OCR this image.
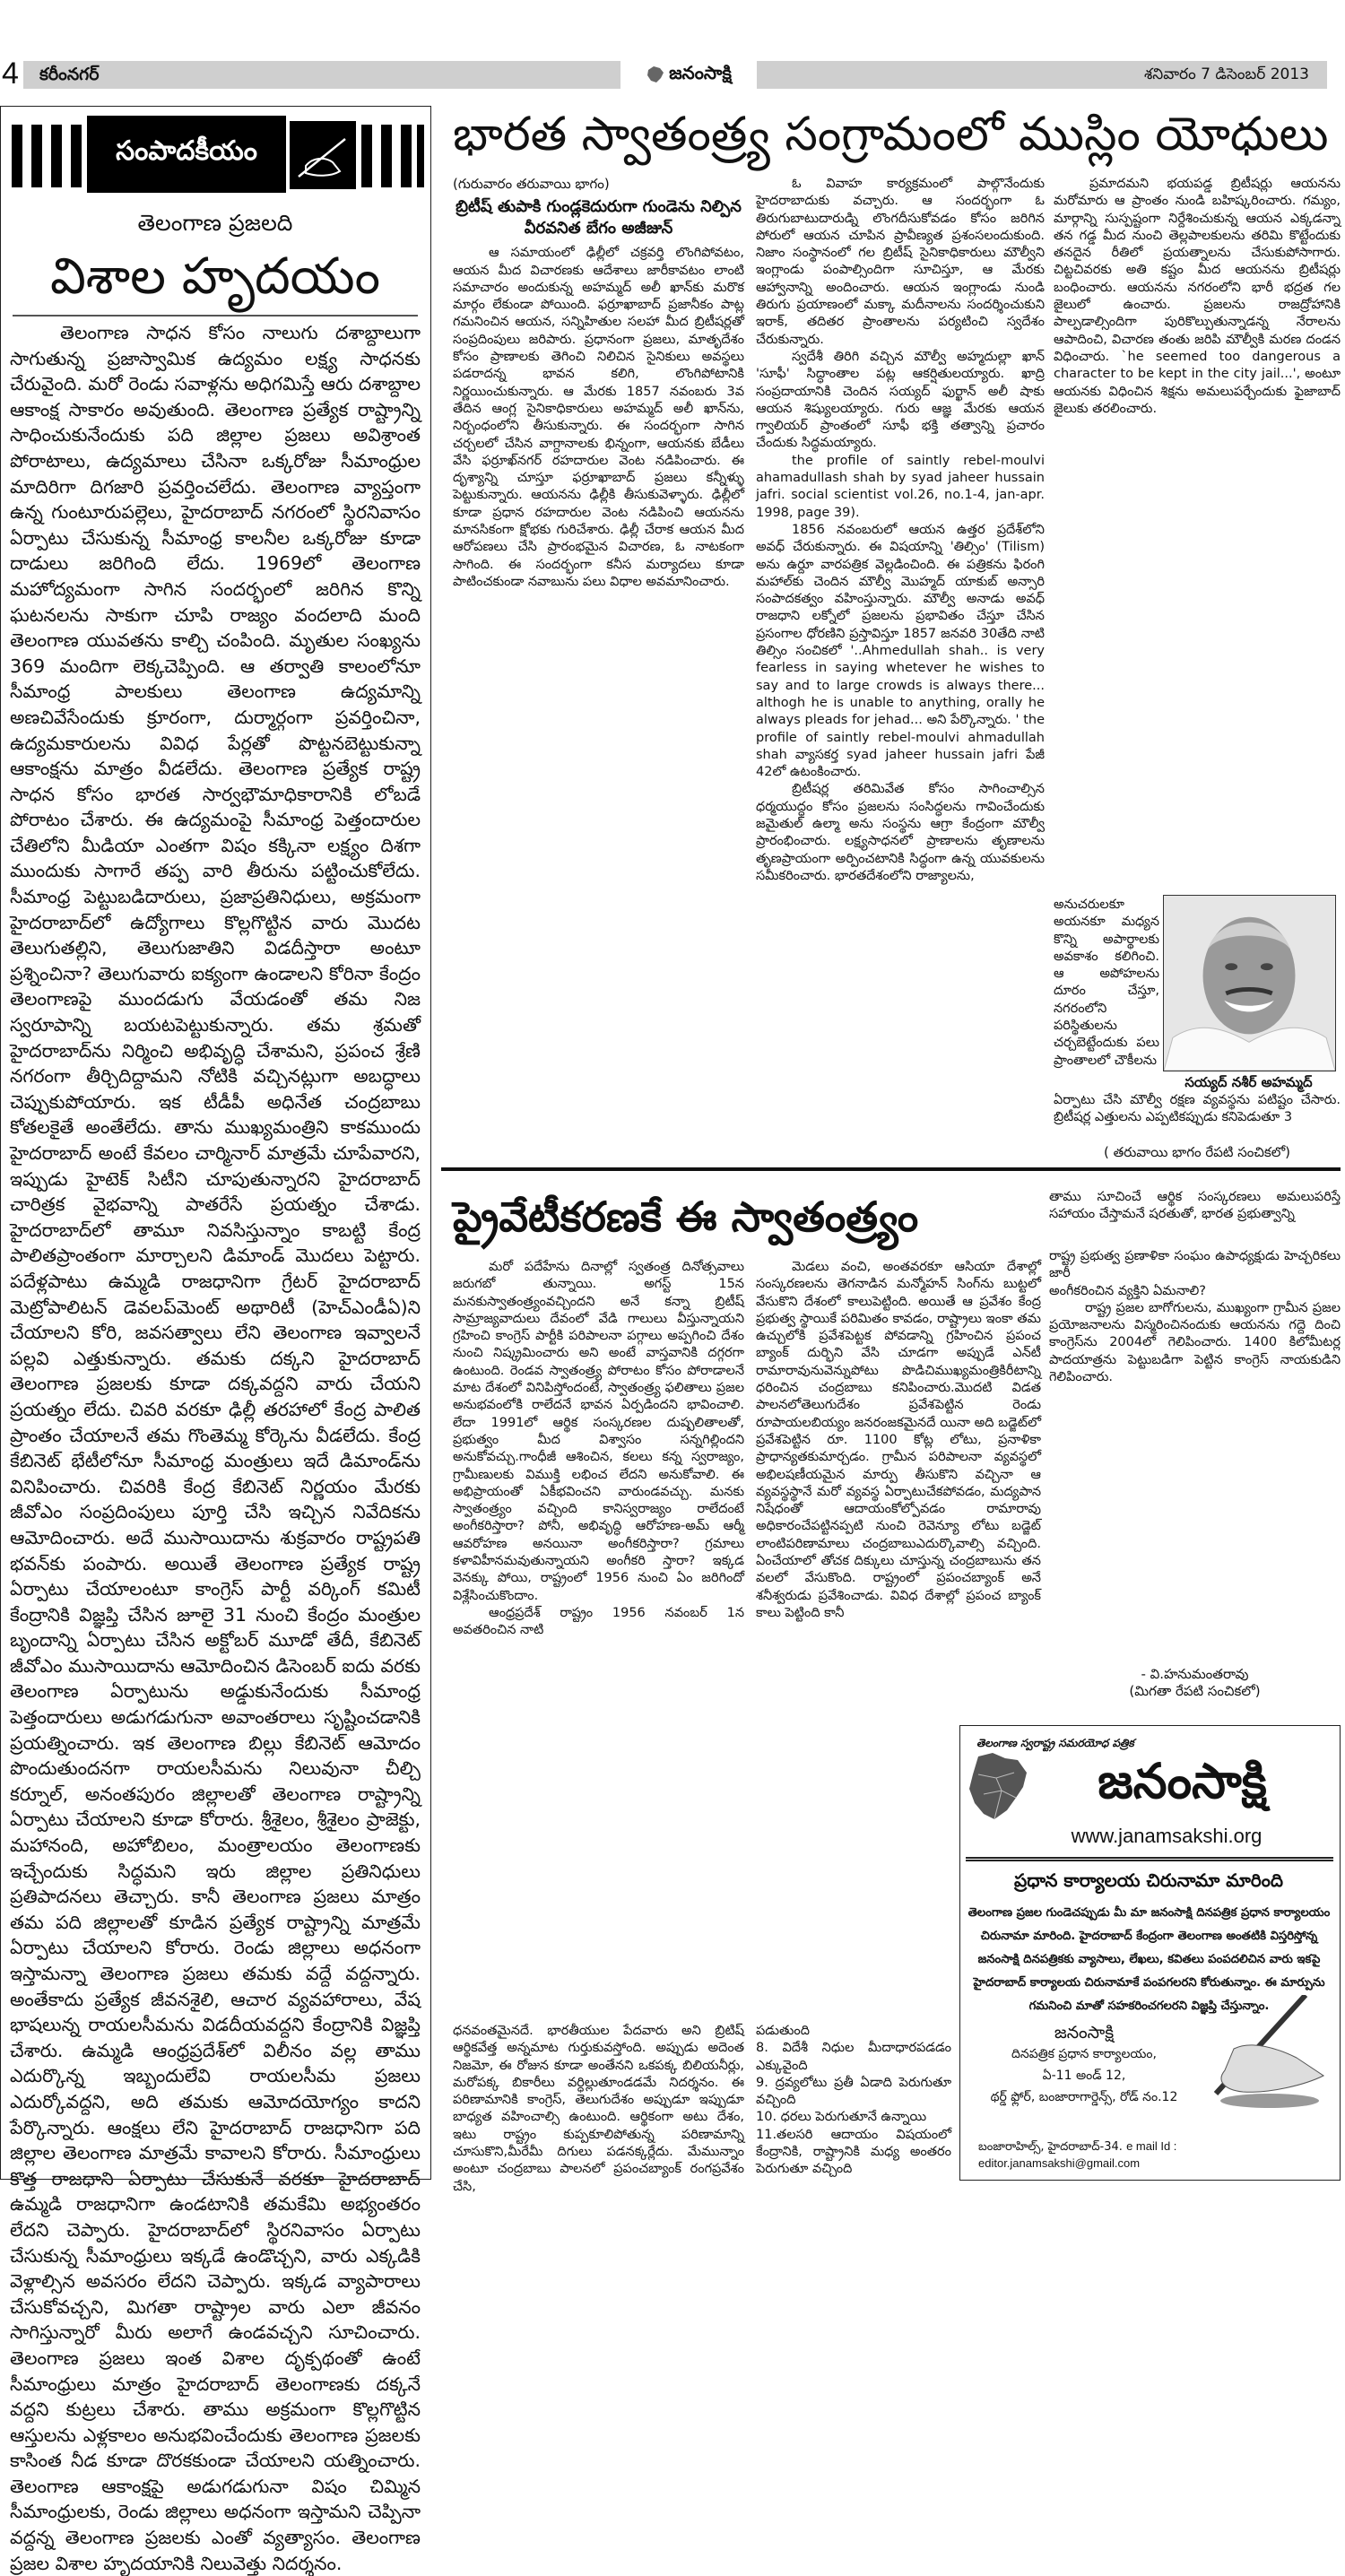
4 కరీంనగర్	జనంసాక్షి	శనివారం 7 డిసెంబర్ 2013
సంపాదకీయం
తెలంగాణ ప్రజలది
విశాల హృదయం

తెలంగాణ సాధన కోసం నాలుగు దశాబ్దాలుగా సాగుతున్న ప్రజాస్వామిక ఉద్యమం లక్ష్య సాధనకు చేరువైంది. మరో రెండు సవాళ్లను అధిగమిస్తే ఆరు దశాబ్దాల ఆకాంక్ష సాకారం అవుతుంది. తెలంగాణ ప్రత్యేక రాష్ట్రాన్ని సాధించుకునేందుకు పది జిల్లాల ప్రజలు అవిశ్రాంత పోరాటాలు, ఉద్యమాలు చేసినా ఒక్కరోజు సీమాంధ్రుల మాదిరిగా దిగజారి ప్రవర్తించలేదు. తెలంగాణ వ్యాప్తంగా ఉన్న గుంటూరుపల్లెలు, హైదరాబాద్ నగరంలో స్థిరనివాసం ఏర్పాటు చేసుకున్న సీమాంధ్ర కాలనీల ఒక్కరోజు కూడా దాడులు జరిగింది లేదు. 1969లో తెలంగాణ మహోద్యమంగా సాగిన సందర్భంలో జరిగిన కొన్ని ఘటనలను సాకుగా చూపి రాజ్యం వందలాది మంది తెలంగాణ యువతను కాల్చి చంపింది. మృతుల సంఖ్యను 369 మందిగా లెక్కచెప్పింది. ఆ తర్వాతి కాలంలోనూ సీమాంధ్ర పాలకులు తెలంగాణ ఉద్యమాన్ని అణచివేసేందుకు క్రూరంగా, దుర్మార్గంగా ప్రవర్తించినా, ఉద్యమకారులను వివిధ పేర్లతో పొట్టనబెట్టుకున్నా ఆకాంక్షను మాత్రం వీడలేదు. తెలంగాణ ప్రత్యేక రాష్ట్ర సాధన కోసం భారత సార్వభౌమాధికారానికి లోబడే పోరాటం చేశారు. ఈ ఉద్యమంపై సీమాంధ్ర పెత్తందారుల చేతిలోని మీడియా ఎంతగా విషం కక్కినా లక్ష్యం దిశగా ముందుకు సాగారే తప్ప వారి తీరును పట్టించుకోలేదు. సీమాంధ్ర పెట్టుబడిదారులు, ప్రజాప్రతినిధులు, అక్రమంగా హైదరాబాద్‌లో ఉద్యోగాలు కొల్లగొట్టిన వారు మొదట తెలుగుతల్లిని, తెలుగుజాతిని విడదీస్తారా అంటూ ప్రశ్నించినా? తెలుగువారు ఐక్యంగా ఉండాలని కోరినా కేంద్రం తెలంగాణపై ముందడుగు వేయడంతో తమ నిజ స్వరూపాన్ని బయటపెట్టుకున్నారు. తమ శ్రమతో హైదరాబాద్‌ను నిర్మించి అభివృద్ధి చేశామని, ప్రపంచ శ్రేణి నగరంగా తీర్చిదిద్దామని నోటికి వచ్చినట్లుగా అబద్ధాలు చెప్పుకుపోయారు. ఇక టీడీపీ అధినేత చంద్రబాబు కోతలకైతే అంతేలేదు. తాను ముఖ్యమంత్రిని కాకముందు హైదరాబాద్ అంటే కేవలం చార్మినార్ మాత్రమే చూపేవారని, ఇప్పుడు హైటెక్ సిటీని చూపుతున్నారని హైదరాబాద్ చారిత్రక వైభవాన్ని పాతరేసే ప్రయత్నం చేశాడు. హైదరాబాద్‌లో తామూ నివసిస్తున్నాం కాబట్టి కేంద్ర పాలితప్రాంతంగా మార్చాలని డిమాండ్ మొదలు పెట్టారు. పదేళ్లపాటు ఉమ్మడి రాజధానిగా గ్రేటర్ హైదరాబాద్ మెట్రోపాలిటన్ డెవలప్‌మెంట్ అథారిటీ (హెచ్‌ఎండీఏ)ని చేయాలని కోరి, జవసత్వాలు లేని తెలంగాణ ఇవ్వాలనే పల్లవి ఎత్తుకున్నారు. తమకు దక్కని హైదరాబాద్ తెలంగాణ ప్రజలకు కూడా దక్కవద్దని వారు చేయని ప్రయత్నం లేదు. చివరి వరకూ ఢిల్లీ తరహాలో కేంద్ర పాలిత ప్రాంతం చేయాలనే తమ గొంతెమ్మ కోర్కెను వీడలేదు. కేంద్ర కేబినెట్ భేటీలోనూ సీమాంధ్ర మంత్రులు ఇదే డిమాండ్‌ను వినిపించారు. చివరికి కేంద్ర కేబినెట్ నిర్ణయం మేరకు జీవోఎం సంప్రదింపులు పూర్తి చేసి ఇచ్చిన నివేదికను ఆమోదించారు. అదే ముసాయిదాను శుక్రవారం రాష్ట్రపతి భవన్‌కు పంపారు. అయితే తెలంగాణ ప్రత్యేక రాష్ట్ర ఏర్పాటు చేయాలంటూ కాంగ్రెస్ పార్టీ వర్కింగ్ కమిటీ కేంద్రానికి విజ్ఞప్తి చేసిన జూలై 31 నుంచి కేంద్రం మంత్రుల బృందాన్ని ఏర్పాటు చేసిన అక్టోబర్ మూడో తేదీ, కేబినెట్ జీవోఎం ముసాయిదాను ఆమోదించిన డిసెంబర్ ఐదు వరకు తెలంగాణ ఏర్పాటును అడ్డుకునేందుకు సీమాంధ్ర పెత్తందారులు అడుగడుగునా అవాంతరాలు సృష్టించడానికి ప్రయత్నించారు. ఇక తెలంగాణ బిల్లు కేబినెట్ ఆమోదం పొందుతుందనగా రాయలసీమను నిలువునా చీల్చి కర్నూల్, అనంతపురం జిల్లాలతో తెలంగాణ రాష్ట్రాన్ని ఏర్పాటు చేయాలని కూడా కోరారు. శ్రీశైలం, శ్రీశైలం ప్రాజెక్టు, మహానంది, అహోబిలం, మంత్రాలయం తెలంగాణకు ఇచ్చేందుకు సిద్ధమని ఇరు జిల్లాల ప్రతినిధులు ప్రతిపాదనలు తెచ్చారు. కానీ తెలంగాణ ప్రజలు మాత్రం తమ పది జిల్లాలతో కూడిన ప్రత్యేక రాష్ట్రాన్ని మాత్రమే ఏర్పాటు చేయాలని కోరారు. రెండు జిల్లాలు అధనంగా ఇస్తామన్నా తెలంగాణ ప్రజలు తమకు వద్దే వద్దన్నారు. అంతేకాదు ప్రత్యేక జీవనశైలి, ఆచార వ్యవహారాలు, వేష భాషలున్న రాయలసీమను విడదీయవద్దని కేంద్రానికి విజ్ఞప్తి చేశారు. ఉమ్మడి ఆంధ్రప్రదేశ్‌లో విలీనం వల్ల తాము ఎదుర్కొన్న ఇబ్బందులేవి రాయలసీమ ప్రజలు ఎదుర్కోవద్దని, అది తమకు ఆమోదయోగ్యం కాదని పేర్కొన్నారు. ఆంక్షలు లేని హైదరాబాద్ రాజధానిగా పది జిల్లాల తెలంగాణ మాత్రమే కావాలని కోరారు. సీమాంధ్రులు కొత్త రాజధాని ఏర్పాటు చేసుకునే వరకూ హైదరాబాద్ ఉమ్మడి రాజధానిగా ఉండటానికి తమకేమి అభ్యంతరం లేదని చెప్పారు. హైదరాబాద్‌లో స్థిరనివాసం ఏర్పాటు చేసుకున్న సీమాంధ్రులు ఇక్కడే ఉండొచ్చని, వారు ఎక్కడికి వెళ్లాల్సిన అవసరం లేదని చెప్పారు. ఇక్కడ వ్యాపారాలు చేసుకోవచ్చని, మిగతా రాష్ట్రాల వారు ఎలా జీవనం సాగిస్తున్నారో మీరు అలాగే ఉండవచ్చని సూచించారు. తెలంగాణ ప్రజలు ఇంత విశాల దృక్పథంతో ఉంటే సీమాంధ్రులు మాత్రం హైదరాబాద్ తెలంగాణకు దక్కనే వద్దని కుట్రలు చేశారు. తాము అక్రమంగా కొల్లగొట్టిన ఆస్తులను ఎళ్లకాలం అనుభవించేందుకు తెలంగాణ ప్రజలకు కాసింత నీడ కూడా దొరకకుండా చేయాలని యత్నించారు. తెలంగాణ ఆకాంక్షపై అడుగడుగునా విషం చిమ్మిన సీమాంధ్రులకు, రెండు జిల్లాలు అధనంగా ఇస్తామని చెప్పినా వద్దన్న తెలంగాణ ప్రజలకు ఎంతో వ్యత్యాసం. తెలంగాణ ప్రజల విశాల హృదయానికి నిలువెత్తు నిదర్శనం.

భారత స్వాతంత్ర్య సంగ్రామంలో ముస్లిం యోధులు

(గురువారం తరువాయి భాగం)

బ్రిటీష్ తుపాకి గుండ్లకెదురుగా గుండెను నిల్పిన వీరవనిత బేగం అజీజున్

ఆ సమాయంలో ఢిల్లీలో చక్రవర్తి లొంగిపోవటం, ఆయన మీద విచారణకు ఆదేశాలు జారీకావటం లాంటి సమాచారం అందుకున్న అహమ్మద్ అలీ ఖాన్‌కు మరొక మార్గం లేకుండా పోయింది. ఫర్రూఖాబాద్ ప్రజానీకం పాట్ల గమనించిన ఆయన, సన్నిహితుల సలహా మీద బ్రిటీషర్లతో సంప్రదింపులు జరిపారు. ప్రధానంగా ప్రజలు, మాతృదేశం కోసం ప్రాణాలకు తెగించి నిలిచిన సైనికులు అవస్థలు పడరాదన్న భావన కలిగి, లొంగిపోటానికి నిర్ణయించుకున్నారు. ఆ మేరకు 1857 నవంబరు 3వ తేదిన ఆంగ్ల సైనికాధికారులు అహమ్మద్ అలీ ఖాన్‌ను, నిర్బంధంలోని తీసుకున్నారు. ఈ సందర్భంగా సాగిన చర్చలలో చేసిన వాగ్దానాలకు భిన్నంగా, ఆయనకు బేడీలు వేసి ఫర్రూఖ్‌నగర్ రహదారుల వెంట నడిపించారు. ఈ దృశ్యాన్ని చూస్తూ ఫర్రూఖాబాద్ ప్రజలు కన్నీళ్ళు పెట్టుకున్నారు. ఆయనను ఢిల్లీకి తీసుకువెళ్ళారు. ఢిల్లీలో కూడా ప్రధాన రహదారుల వెంట నడిపించి ఆయనను మానసికంగా క్షోభకు గురిచేశారు. ఢిల్లీ చేరాక ఆయన మీద ఆరోపణలు చేసి ప్రారంభమైన విచారణ, ఓ నాటకంగా సాగింది. ఈ సందర్భంగా కనీస మర్యాదలు కూడా పాటించకుండా నవాబును పలు విధాల అవమానించారు.

ఓ వివాహ కార్యక్రమంలో పాల్గొనేందుకు హైదరాబాదుకు వచ్చారు. ఆ సందర్భంగా ఓ తిరుగుబాటుదారుడ్ని లొంగదీసుకోవడం కోసం జరిగిన పోరులో ఆయన చూపిన ప్రావీణ్యత ప్రశంసలందుకుంది. నిజాం సంస్థానంలో గల బ్రిటీష్ సైనికాధికారులు మౌల్వీని ఇంగ్లాండు పంపాల్సిందిగా సూచిస్తూ, ఆ మేరకు ఆహ్వానాన్ని అందించారు. ఆయన ఇంగ్లాండు నుండి తిరుగు ప్రయాణంలో మక్కా మదీనాలను సందర్శించుకుని ఇరాక్, తదితర ప్రాంతాలను పర్యటించి స్వదేశం చేరుకున్నారు.

స్వదేశీ తిరిగి వచ్చిన మౌల్వీ అహ్మదుల్లా ఖాన్ 'సూఫీ' సిద్ధాంతాల పట్ల ఆకర్షితులయ్యారు. ఖాద్రి సంప్రదాయానికి చెందిన సయ్యద్ ఫుర్ఖాన్ అలీ షాకు ఆయన శిష్యులయ్యారు. గురు ఆజ్ఞ మేరకు ఆయన గ్వాలియర్ ప్రాంతంలో సూఫీ భక్తి తత్వాన్ని ప్రచారం చేందుకు సిద్ధమయ్యారు.

the profile of saintly rebel-moulvi ahamadullash shah by syad jaheer hussain jafri. social scientist vol.26, no.1-4, jan-apr. 1998, page 39).

1856 నవంబరులో ఆయన ఉత్తర ప్రదేశ్‌లోని అవధ్ చేరుకున్నారు. ఈ విషయాన్ని 'తిల్సిం' (Tilism) అను ఉర్దూ వారపత్రిక వెల్లడించింది. ఈ పత్రికను ఫిరంగి మహాల్‌కు చెందిన మౌల్వీ మొహ్మద్ యాకుబ్ అన్సారి సంపాదకత్వం వహింస్తున్నారు. మౌల్వీ అనాడు అవధ్ రాజధాని లక్నోలో ప్రజలను ప్రభావితం చేస్తూ చేసిన ప్రసంగాల ధోరణిని ప్రస్తావిస్తూ 1857 జనవరి 30తేది నాటి తిల్సిం సంచికలో '..Ahmedullah shah.. is very fearless in saying whetever he wishes to say and to large crowds is always there... althogh he is unable to anything, orally he always pleads for jehad... అని పేర్కొన్నారు. ' the profile of saintly rebel-moulvi ahmadullah shah వ్యాసకర్త syad jaheer hussain jafri పేజీ 42లో ఉటంకించారు.

బ్రిటీషర్ల తరిమివేత కోసం సాగించాల్సిన ధర్మయుద్ధం కోసం ప్రజలను సంసిద్ధలను గావించేందుకు జమైతుల్ ఉల్మా అను సంస్థను ఆగ్రా కేంద్రంగా మౌల్వీ ప్రారంభించారు. లక్ష్యసాధనలో ప్రాణాలను తృణాలను తృణప్రాయంగా అర్పించటానికి సిద్ధంగా ఉన్న యువకులను సమీకరించారు. భారతదేశంలోని రాజ్యాలను,

ప్రమాదమని భయపడ్డ బ్రిటీషర్లు ఆయనను మరోమారు ఆ ప్రాంతం నుండి బహిష్కరించారు. గమ్యం, మార్గాన్ని సుస్పష్టంగా నిర్దేశించుకున్న ఆయన ఎక్కడన్నా తన గడ్డ మీద నుంచి తెల్లపాలకులను తరిమి కొట్టేందుకు తనదైన రీతిలో ప్రయత్నాలను చేసుకుపోసాగారు. చిట్టచివరకు అతి కష్టం మీద ఆయనను బ్రిటీషర్లు బంధించారు. ఆయనను నగరంలోని భారీ భద్రత గల జైలులో ఉంచారు. ప్రజలను రాజద్రోహానికి పాల్పడాల్సిందిగా పురికొల్పుతున్నాడన్న నేరాలను ఆపాదించి, విచారణ తంతు జరిపి మౌల్వీకి మరణ దండన విధించారు. `he seemed too dangerous a character to be kept in the city jail...', అంటూ ఆయనకు విధించిన శిక్షను అమలుపర్చేందుకు ఫైజాబాద్ జైలుకు తరలించారు.

అనుచరులకూ అయనకూ మధ్యన కొన్ని అపార్థాలకు అవకాశం కలిగించి. ఆ అపోహలను దూరం చేస్తూ, నగరంలోని పరిస్థితులను చర్చబెట్టేందుకు పలు ప్రాంతాలలో చౌకీలను
సయ్యద్ నశీర్ అహమ్మద్
ఏర్పాటు చేసి మౌల్వీ రక్షణ వ్యవస్థను పటిష్టం చేసారు. బ్రిటీషర్ల ఎత్తులను ఎప్పటికప్పుడు కనిపెడుతూ 3
( తరువాయి భాగం రేపటి సంచికలో)
ప్రైవేటీకరణకే ఈ స్వాతంత్ర్యం

మరో పదేహేను దినాల్లో స్వతంత్ర దినోత్సవాలు జరుగబో తున్నాయి. అగస్ట్ 15న మనకుస్వాతంత్ర్యంవచ్చిందని అనే కన్నా బ్రిటీష్ సామ్రాజ్యవాదులు దేవంలో వేడి గాలులు వీస్తున్నాయని గ్రహించి కాంగ్రెస్ పార్టీకి పరిపాలనా పగ్గాలు అప్పగించి దేశం నుంచి నిష్క్రమించారు అని అంటే వాస్తవానికి దగ్గరగా ఉంటుంది. రెండవ స్వాతంత్ర్య పోరాటం కోసం పోరాడాలనే మాట దేశంలో వినిపిస్తోందంటే, స్వాతంత్ర్య ఫలితాలు ప్రజల అనుభవంలోకి రాలేదనే భావన ఏర్పడిందని భావించాలి. లేదా 1991లో ఆర్థిక సంస్కరణల దుష్పలితాలతో, ప్రభుత్వం మీద విశ్వాసం సన్నగిల్లిందని అనుకోవచ్చు.గాంధీజీ ఆశించిన, కలలు కన్న స్వరాజ్యం, గ్రామీణులకు విముక్తి లభించ లేదని అనుకోవాలి. ఈ అభిప్రాయంతో ఏకీభవించని వారుండవచ్చు. మనకు స్వాతంత్ర్యం వచ్చింది కానిస్వరాజ్యం రాలేదంటే అంగీకరిస్తారా? పోనీ, అభివృద్ధి ఆరోహణ-అమ్ ఆర్మీ ఆవరోహణ అనయినా అంగీకరిస్తారా? గ్రమాలు కళావిహీనమవుతున్నాయని అంగీకరి స్తారా? ఇక్కడ వెనక్కు పోయి, రాష్ట్రంలో 1956 నుంచి ఏం జరిగిందో విశ్లేసించుకొందాం.

ఆంధ్రప్రదేశ్ రాష్ట్రం 1956 నవంబర్ 1న అవతరించిన నాటి

ధనవంతమైనదే. భారతీయుల పేదవారు అని బ్రిటిష్ ఆర్థికవేత్త అన్నమాట గుర్తుకువస్తోంది. అప్పుడు అదెంత నిజమో, ఈ రోజున కూడా అంతేనని ఒకపక్క బిలియనీర్లు, మరోపక్క బికారీలు వర్ధిల్లుతూండడమే నిదర్శనం. ఈ పరిణామానికి కాంగ్రెస్, తెలుగుదేశం అప్పుడూ ఇప్పుడూ బాధ్యత వహించాల్సి ఉంటుంది. ఆర్థికంగా అటు దేశం, ఇటు రాష్ట్రం కుప్పకూలిపోతున్న పరిణామాన్ని చూసుకొని,మీరేమీ దిగులు పడనక్కర్లేదు. మేమున్నాం అంటూ చంద్రబాబు పాలనలో ప్రపంచబ్యాంక్ రంగప్రవేశం చేసి,

మెడలు వంచి, అంతవరకూ ఆసియా దేశాల్లో సంస్కరణలను తెగనాడిన మన్మోహన్ సింగ్‌ను బుట్టలో వేసుకొని దేశంలో కాలుపెట్టింది. అయితే ఆ ప్రవేశం కేంద్ర ప్రభుత్వ స్థాయికే పరిమితం కావడం, రాష్ట్రాలు ఇంకా తమ ఉచ్చులోకి ప్రవేశపెట్టక పోవడాన్ని గ్రహించిన ప్రపంచ బ్యాంక్ దుర్భిని వేసి చూడగా అప్పుడే ఎన్‌టీ రామారావునువెన్నుపోటు పొడిచిముఖ్యమంత్రికిరీటాన్ని ధరించిన చంద్రబాబు కనిపించారు.మొదటి విడత పాలనలోతెలుగుదేశం ప్రవేశపెట్టిన రెండు రూపాయలబియ్యం జనరంజకమైనదే యినా అది బడ్జెట్‌లో ప్రవేశపెట్టిన రూ. 1100 కోట్ల లోటు, ప్రనాళికా ప్రాధాన్యతకుమార్చడం. గ్రామీన పరిపాలనా వ్యవస్థలో అభిలషణీయమైన మార్పు తీసుకొని వచ్చినా ఆ వ్యవస్థస్థానే మరో వ్యవస్థ ఏర్పాటుచేకపోవడం, మద్యపాన నిషేధంతో ఆదాయంకోల్పోవడం రామారావు అధికారంచేపట్టినప్పటి నుంచి రెవెన్యూ లోటు బడ్జెట్ లాంటిపరిణామాలు చంద్రబాబుఎదుర్కొవాల్సి వచ్చింది. ఏంచేయాలో తోచక దిక్కులు చూస్తున్న చంద్రబాబును తన వలలో వేసుకొంది. రాష్ట్రంలో ప్రపంచబ్యాంక్ అనే శనీశ్వరుడు ప్రవేశించాడు. వివిధ దేశాల్లో ప్రపంచ బ్యాంక్ కాలు పెట్టింది కానీ

పడుతుంది

8. విదేశీ నిధుల మీదాధారపడడం ఎక్కువైంది

9. ద్రవ్యలోటు ప్రతీ ఏడాది పెరుగుతూ వచ్చింది

10. ధరలు పెరుగుతూనే ఉన్నాయి

11.తలసరి ఆదాయం విషయంలో కేంద్రానికి, రాష్ట్రానికి మధ్య అంతరం పెరుగుతూ వచ్చింది

తాము సూచించే ఆర్థిక సంస్కరణలు అమలుపరిస్తే సహాయం చేస్తామనే షరతుతో, భారత ప్రభుత్వాన్ని

రాష్ట్ర ప్రభుత్వ ప్రణాళికా సంఘం ఉపాధ్యక్షుడు హెచ్చరికలు జారీ

అంగీకరించిన వ్యక్తిని ఏమనాలి?

రాష్ట్ర ప్రజల బాగోగులను, ముఖ్యంగా గ్రామీన ప్రజల ప్రయోజనాలను విస్మరించినందుకు ఆయనను గద్దె దించి కాంగ్రెస్‌ను 2004లో గెలిపించారు. 1400 కిలోమీటర్ల పాదయాత్రను పెట్టుబడిగా పెట్టిన కాంగ్రెస్ నాయకుడిని గెలిపించారు.

- వి.హనుమంతరావు
(మిగతా రేపటి సంచికలో)
తెలంగాణ స్వరాష్ట్ర సమరయోధ పత్రిక
జనంసాక్షి
www.janamsakshi.org
ప్రధాన కార్యాలయ చిరునామా మారింది
తెలంగాణ ప్రజల గుండెచప్పుడు మీ మా జనంసాక్షి దినపత్రిక ప్రధాన కార్యాలయం చిరునామా మారింది. హైదరాబాద్ కేంద్రంగా తెలంగాణ అంతటికి విస్తరిస్తోన్న జనంసాక్షి దినపత్రికకు వ్యాసాలు, లేఖలు, కవితలు పంపదలిచిన వారు ఇకపై హైదరాబాద్ కార్యాలయ చిరునామాకే పంపగలరని కోరుతున్నాం. ఈ మార్పును గమనించి మాతో సహకరించగలరని విజ్ఞప్తి చేస్తున్నాం.
జనంసాక్షి
దినపత్రిక ప్రధాన కార్యాలయం,
ఏ-11 అండ్ 12,
థర్డ్ ఫ్లోర్, బంజారాగార్డెన్స్, రోడ్ నం.12
బంజారాహిల్స్, హైదరాబాద్-34. e mail Id : editor.janamsakshi@gmail.com
